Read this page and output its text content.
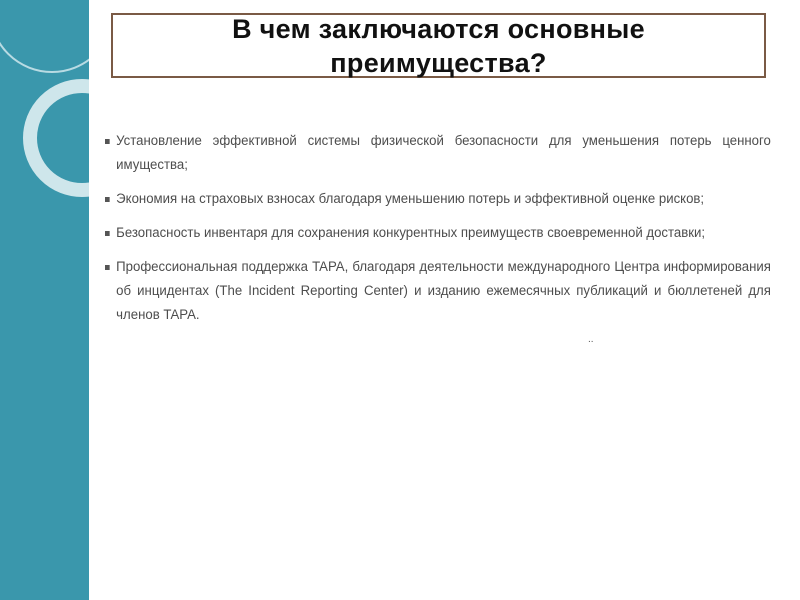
В чем заключаются основные преимущества?
Установление эффективной системы физической безопасности для уменьшения потерь ценного имущества;
Экономия на страховых взносах благодаря уменьшению потерь и эффективной оценке рисков;
Безопасность инвентаря для сохранения конкурентных преимуществ своевременной доставки;
Профессиональная поддержка TAPA, благодаря деятельности международного Центра информирования об инцидентах (The Incident Reporting Center) и изданию ежемесячных публикаций и бюллетеней для членов TAPA.
..
